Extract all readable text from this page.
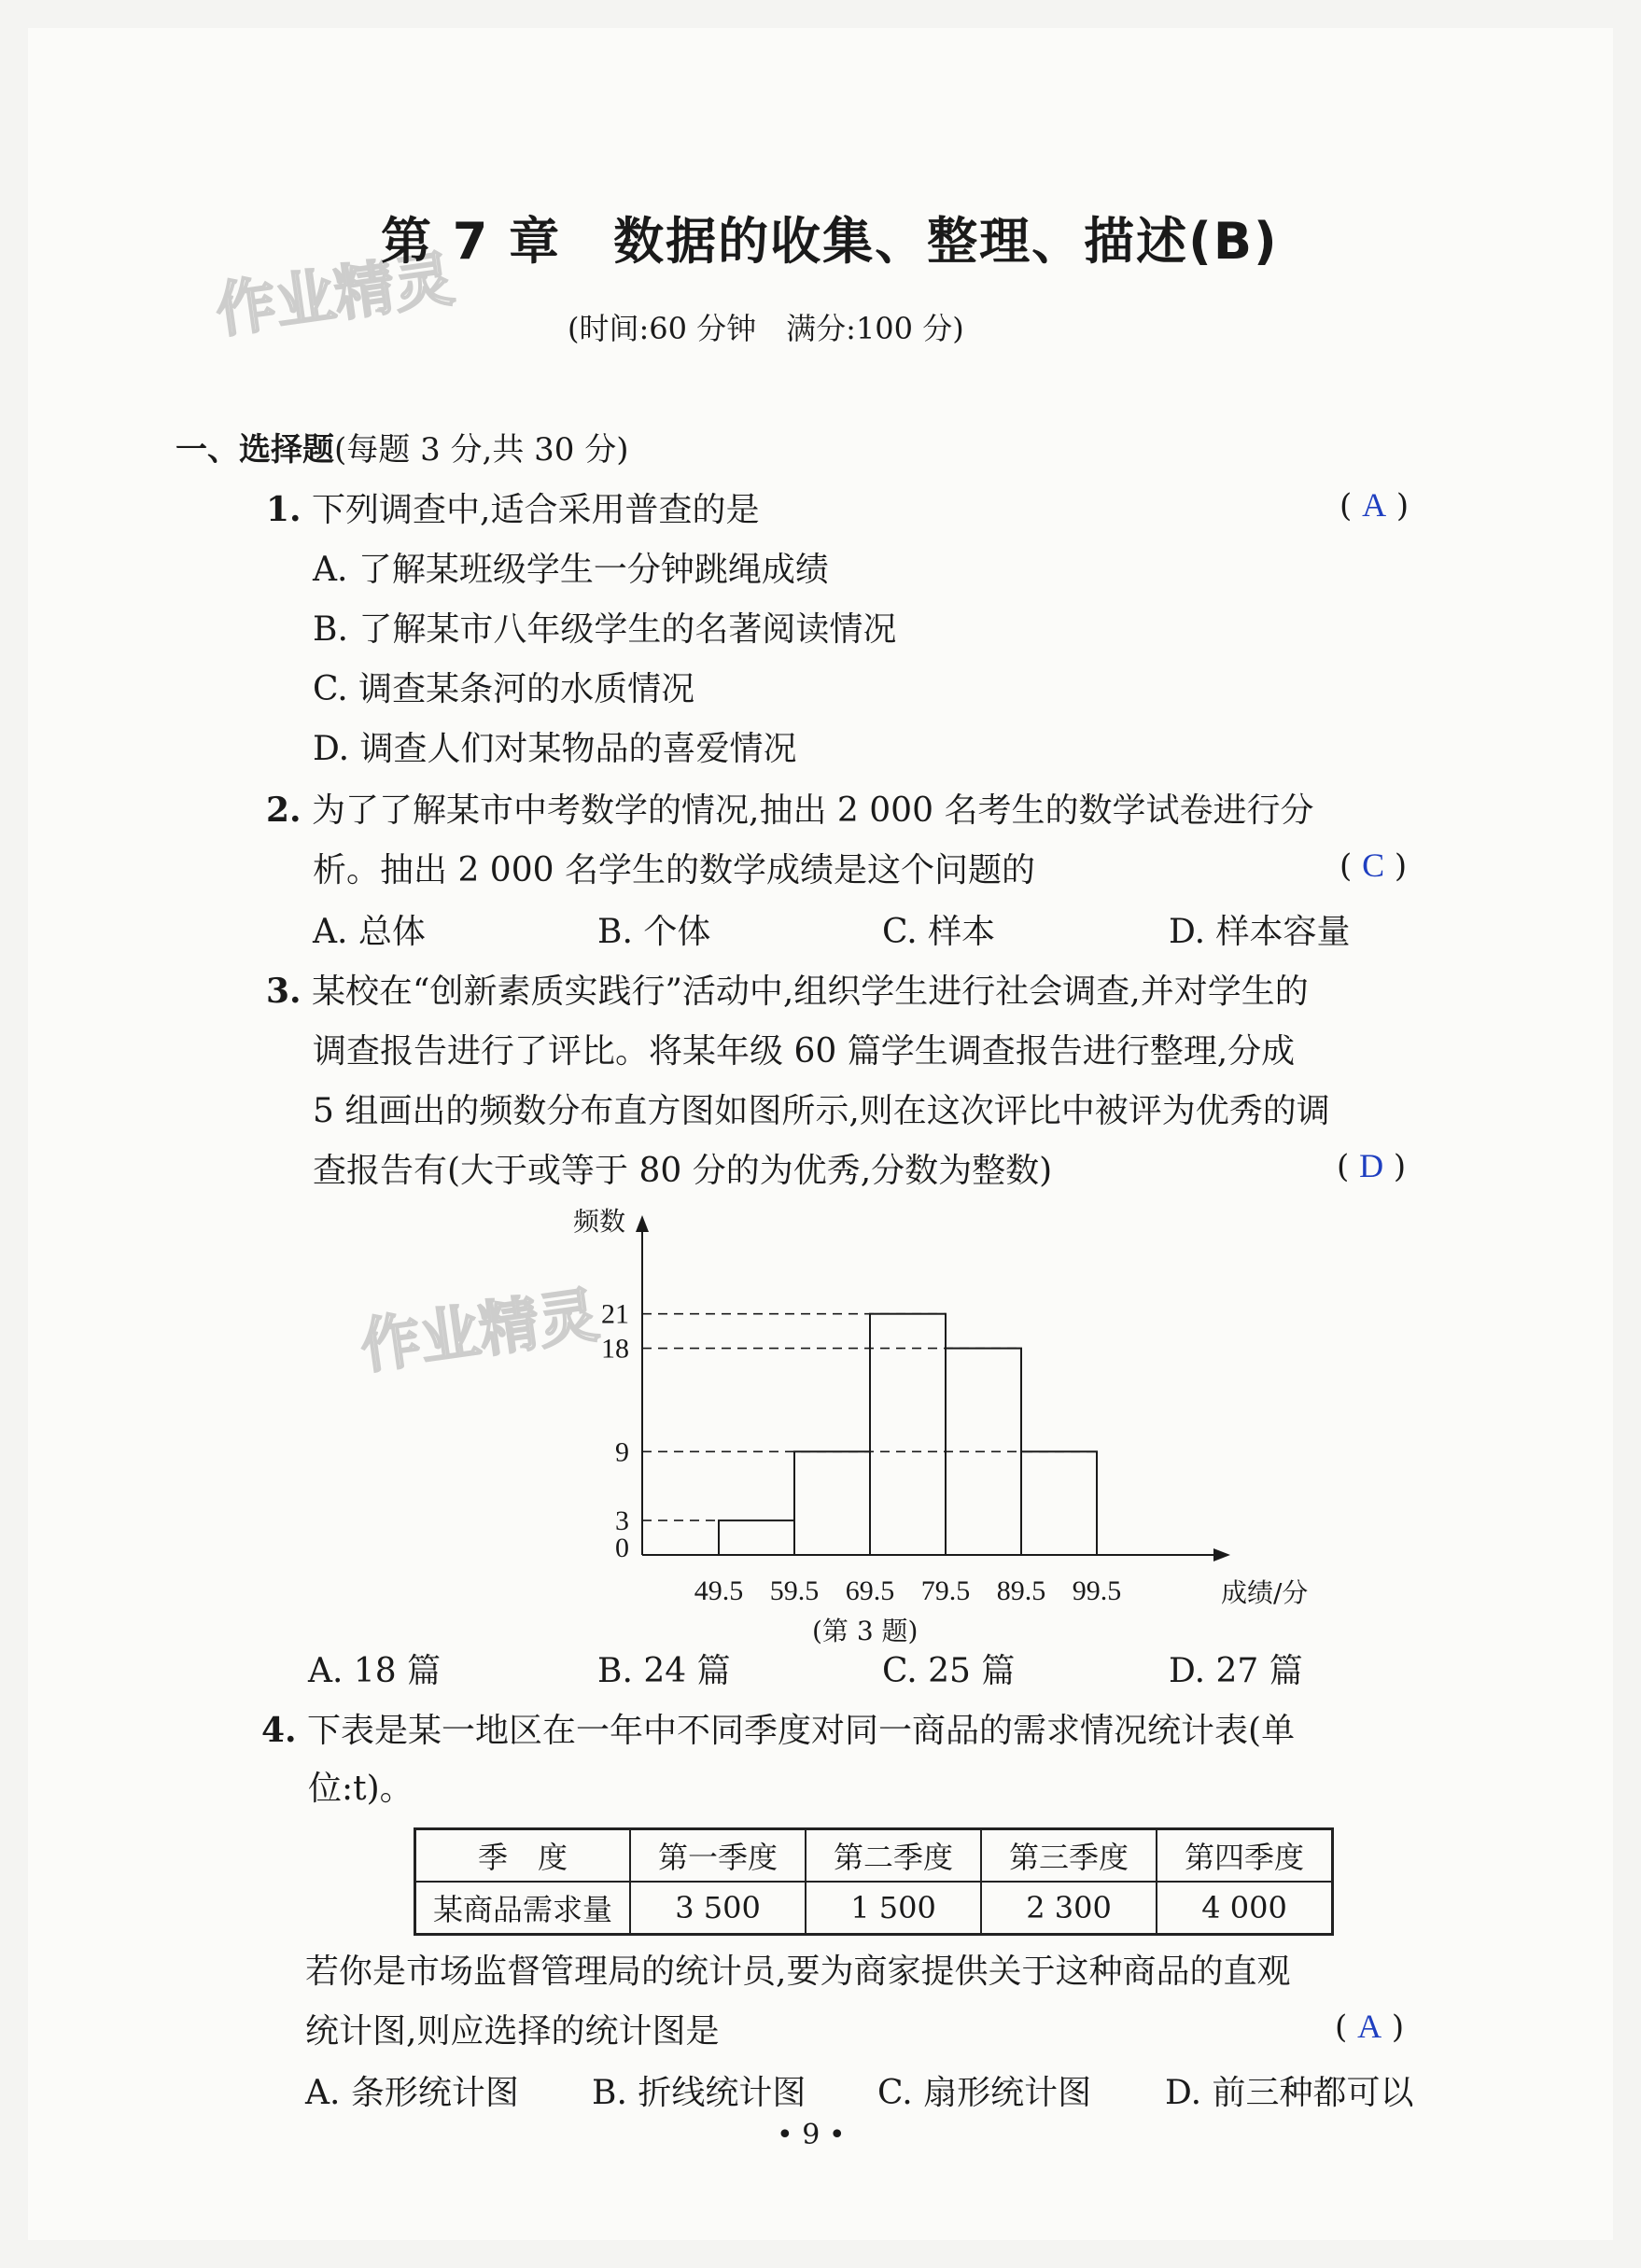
作业精灵
作业精灵
第 7 章　数据的收集、整理、描述(B)
(时间:60 分钟　满分:100 分)
一、选择题(每题 3 分,共 30 分)
1. 下列调查中,适合采用普查的是	( A )
A. 了解某班级学生一分钟跳绳成绩
B. 了解某市八年级学生的名著阅读情况
C. 调查某条河的水质情况
D. 调查人们对某物品的喜爱情况
2. 为了了解某市中考数学的情况,抽出 2 000 名考生的数学试卷进行分
析。抽出 2 000 名学生的数学成绩是这个问题的	( C )
A. 总体	B. 个体	C. 样本	D. 样本容量
3. 某校在“创新素质实践行”活动中,组织学生进行社会调查,并对学生的
调查报告进行了评比。将某年级 60 篇学生调查报告进行整理,分成
5 组画出的频数分布直方图如图所示,则在这次评比中被评为优秀的调
查报告有(大于或等于 80 分的为优秀,分数为整数)	( D )
0
3
9
18
21
49.5 59.5 69.5 79.5 89.5 99.5
频数
成绩/分
(第 3 题)
A. 18 篇	B. 24 篇	C. 25 篇	D. 27 篇
4. 下表是某一地区在一年中不同季度对同一商品的需求情况统计表(单
位:t)。
季　度	第一季度	第二季度	第三季度	第四季度
某商品需求量	3 500	1 500	2 300	4 000
若你是市场监督管理局的统计员,要为商家提供关于这种商品的直观
统计图,则应选择的统计图是	( A )
A. 条形统计图 B. 折线统计图 C. 扇形统计图 D. 前三种都可以
• 9 •
